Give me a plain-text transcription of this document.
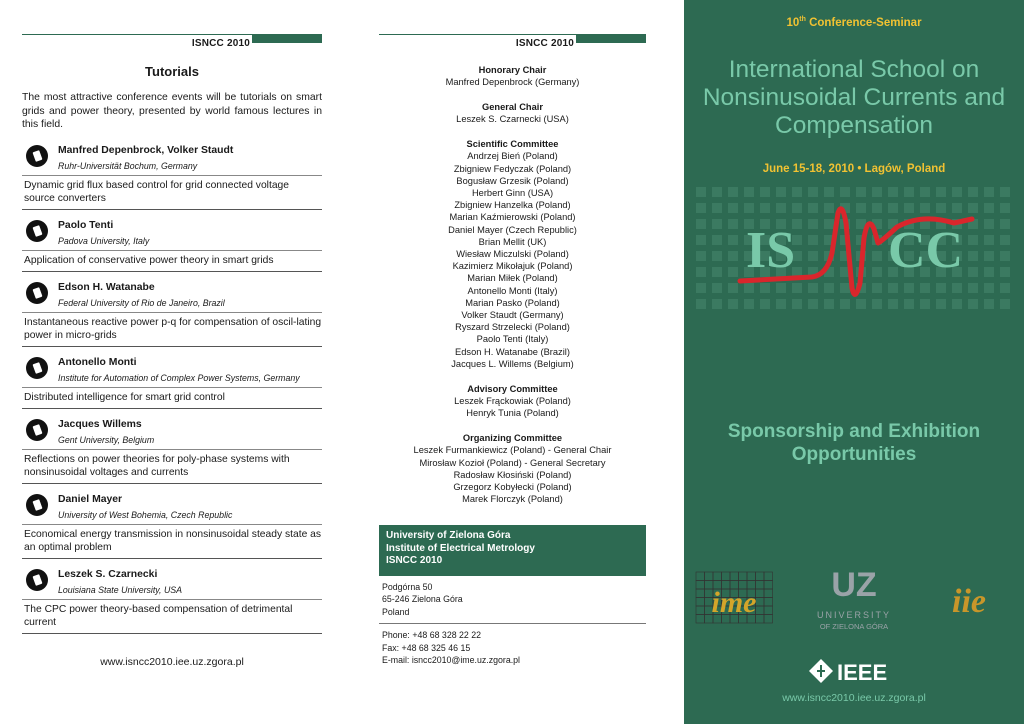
ISNCC 2010
Tutorials

The most attractive conference events will be tutorials on smart grids and power theory, presented by world famous lectures in this field.

Manfred Depenbrock, Volker Staudt
Ruhr-Universität Bochum, Germany
Dynamic grid flux based control for grid connected voltage source converters
Paolo Tenti
Padova University, Italy
Application of conservative power theory in smart grids
Edson H. Watanabe
Federal University of Rio de Janeiro, Brazil
Instantaneous reactive power p-q for compensation of oscil-lating power in micro-grids
Antonello Monti
Institute for Automation of Complex Power Systems, Germany
Distributed intelligence for smart grid control
Jacques Willems
Gent University, Belgium
Reflections on power theories for poly-phase systems with nonsinusoidal voltages and currents
Daniel Mayer
University of West Bohemia, Czech Republic
Economical energy transmission in nonsinusoidal steady state as an optimal problem
Leszek S. Czarnecki
Louisiana State University, USA
The CPC power theory-based compensation of detrimental current
www.isncc2010.iee.uz.zgora.pl
ISNCC 2010
Honorary Chair
Manfred Depenbrock (Germany)
General Chair
Leszek S. Czarnecki (USA)
Scientific Committee
Andrzej Bień (Poland)
Zbigniew Fedyczak (Poland)
Bogusław Grzesik (Poland)
Herbert Ginn (USA)
Zbigniew Hanzelka (Poland)
Marian Kaźmierowski (Poland)
Daniel Mayer (Czech Republic)
Brian Mellit (UK)
Wiesław Miczulski (Poland)
Kazimierz Mikołajuk (Poland)
Marian Miłek (Poland)
Antonello Monti (Italy)
Marian Pasko (Poland)
Volker Staudt (Germany)
Ryszard Strzelecki (Poland)
Paolo Tenti (Italy)
Edson H. Watanabe (Brazil)
Jacques L. Willems (Belgium)
Advisory Committee
Leszek Frąckowiak (Poland)
Henryk Tunia (Poland)
Organizing Committee
Leszek Furmankiewicz (Poland) - General Chair
Mirosław Kozioł (Poland) - General Secretary
Radosław Kłosiński (Poland)
Grzegorz Kobyłecki (Poland)
Marek Florczyk (Poland)
University of Zielona Góra
Institute of Electrical Metrology
ISNCC 2010
Podgórna 50
65-246 Zielona Góra
Poland
Phone: +48 68 328 22 22
Fax: +48 68 325 46 15
E-mail: isncc2010@ime.uz.zgora.pl
10th Conference-Seminar
International School on Nonsinusoidal Currents and Compensation
June 15-18, 2010 • Lagów, Poland
IS CC
Sponsorship and Exhibition Opportunities
ime UZ
UNIVERSITY
OF ZIELONA GÓRA
iie
IEEE
www.isncc2010.iee.uz.zgora.pl
